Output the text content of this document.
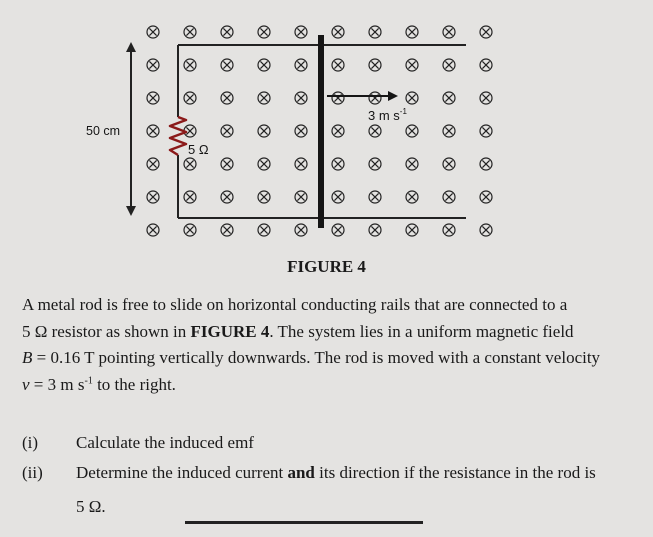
3 m $s^{-1}$
50 cm
5 Ω
FIGURE 4
A metal rod is free to slide on horizontal conducting rails that are connected to a
5 Ω resistor as shown in FIGURE 4. The system lies in a uniform magnetic field
B = 0.16 T pointing vertically downwards. The rod is moved with a constant velocity
v = 3 m $s^{-1}$ to the right.
(i) Calculate the induced emf
(ii) Determine the induced current and its direction if the resistance in the rod is
5 Ω.
